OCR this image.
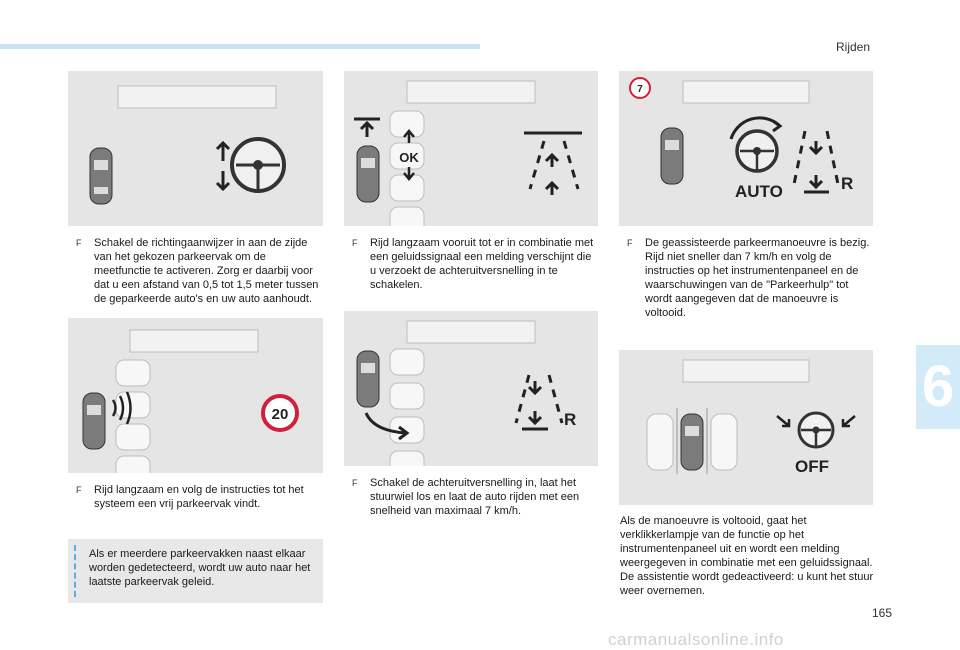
Rijden
6
F	Schakel de richtingaanwijzer in aan de zijde van het gekozen parkeervak om de meetfunctie te activeren. Zorg er daarbij voor dat u een afstand van 0,5 tot 1,5 meter tussen de geparkeerde auto's en uw auto aanhoudt.
20
F	Rijd langzaam en volg de instructies tot het systeem een vrij parkeervak vindt.
Als er meerdere parkeervakken naast elkaar worden gedetecteerd, wordt uw auto naar het laatste parkeervak geleid.
OK
F	Rijd langzaam vooruit tot er in combinatie met een geluidssignaal een melding verschijnt die u verzoekt de achteruitversnelling in te schakelen.
R
F	Schakel de achteruitversnelling in, laat het stuurwiel los en laat de auto rijden met een snelheid van maximaal 7 km/h.
7
AUTO	R
F	De geassisteerde parkeermanoeuvre is bezig.
Rijd niet sneller dan 7 km/h en volg de instructies op het instrumentenpaneel en de waarschuwingen van de "Parkeerhulp" tot wordt aangegeven dat de manoeuvre is voltooid.
OFF
Als de manoeuvre is voltooid, gaat het verklikkerlampje van de functie op het instrumentenpaneel uit en wordt een melding weergegeven in combinatie met een geluidssignaal.
De assistentie wordt gedeactiveerd: u kunt het stuur weer overnemen.
165
carmanualsonline.info
